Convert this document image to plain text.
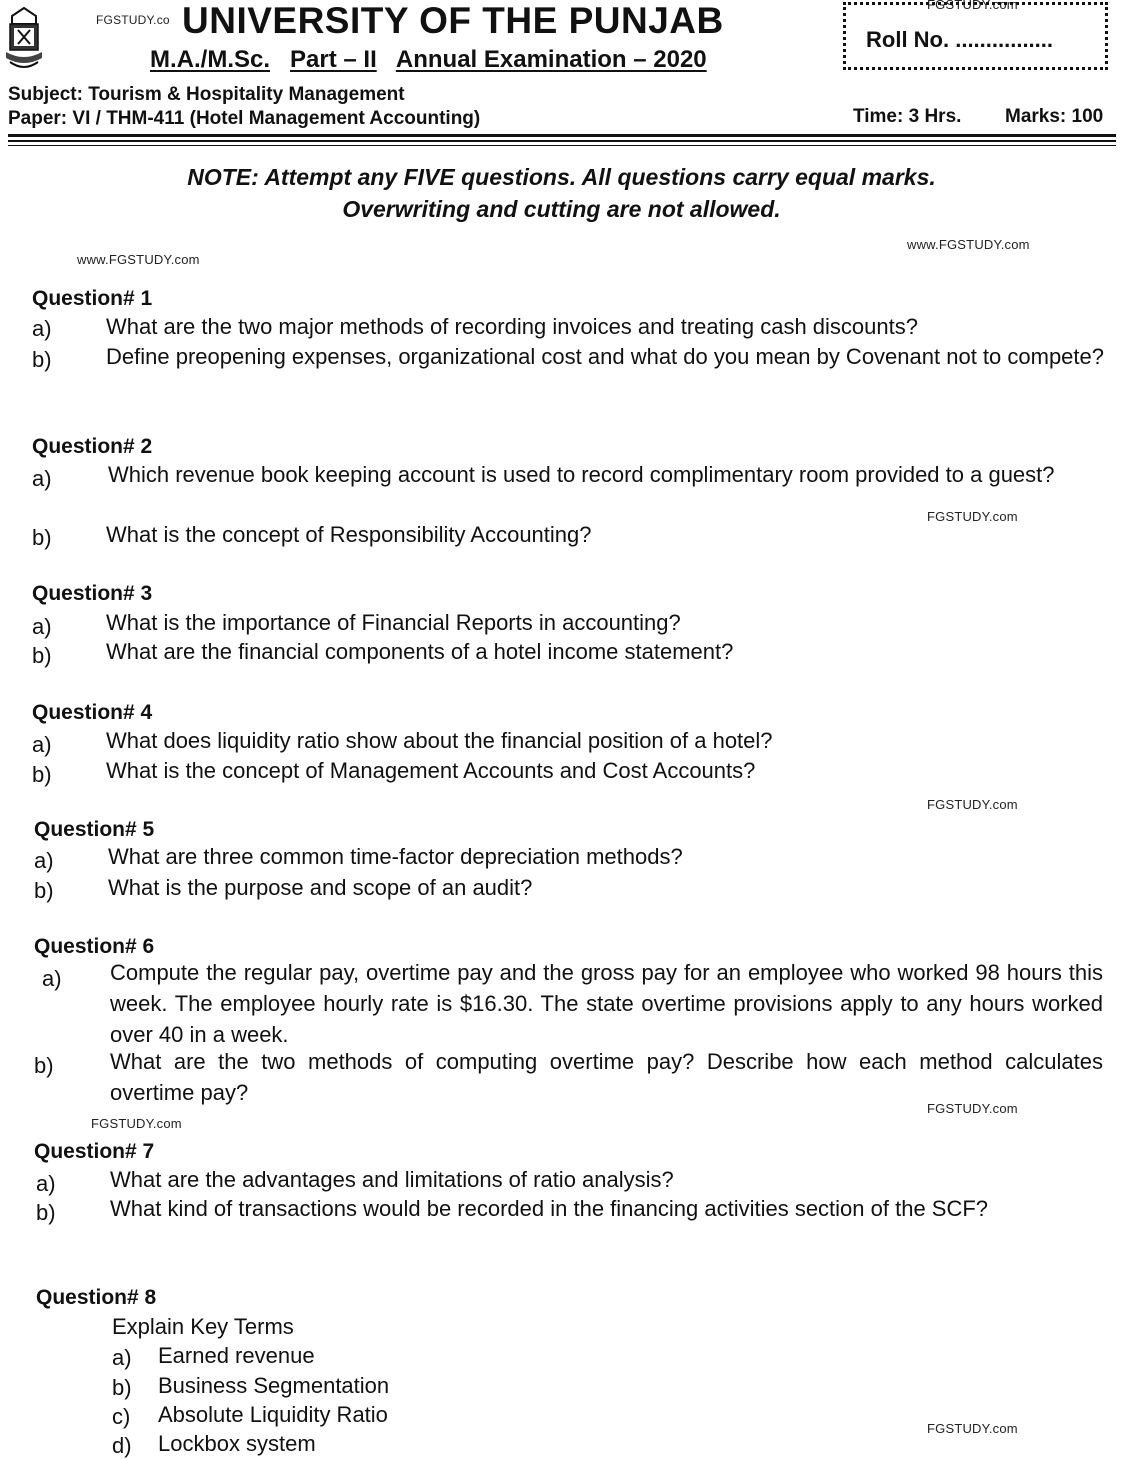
FGSTUDY.co UNIVERSITY OF THE PUNJAB
M.A./M.Sc. Part – II Annual Examination – 2020
FGSTUDY.com
Roll No. ................
Subject: Tourism & Hospitality Management
Paper: VI / THM-411 (Hotel Management Accounting)	Time: 3 Hrs. Marks: 100
NOTE: Attempt any FIVE questions. All questions carry equal marks.
Overwriting and cutting are not allowed.
www.FGSTUDY.com
www.FGSTUDY.com
FGSTUDY.com
FGSTUDY.com
FGSTUDY.com
FGSTUDY.com
FGSTUDY.com
Question# 1
a) What are the two major methods of recording invoices and treating cash discounts?
b) Define preopening expenses, organizational cost and what do you mean by Covenant not to compete?
Question# 2
a)	Which revenue book keeping account is used to record complimentary room provided to a guest?
b) What is the concept of Responsibility Accounting?
Question# 3
a) What is the importance of Financial Reports in accounting?
b) What are the financial components of a hotel income statement?
Question# 4
a) What does liquidity ratio show about the financial position of a hotel?
b) What is the concept of Management Accounts and Cost Accounts?
Question# 5
a) What are three common time-factor depreciation methods?
b) What is the purpose and scope of an audit?
Question# 6
a) Compute the regular pay, overtime pay and the gross pay for an employee who worked 98 hours this week. The employee hourly rate is $16.30. The state overtime provisions apply to any hours worked over 40 in a week.
b)	What are the two methods of computing overtime pay? Describe how each method calculates overtime pay?
Question# 7
a) What are the advantages and limitations of ratio analysis?
b) What kind of transactions would be recorded in the financing activities section of the SCF?
Question# 8
Explain Key Terms
a) Earned revenue
b) Business Segmentation
c) Absolute Liquidity Ratio
d) Lockbox system
